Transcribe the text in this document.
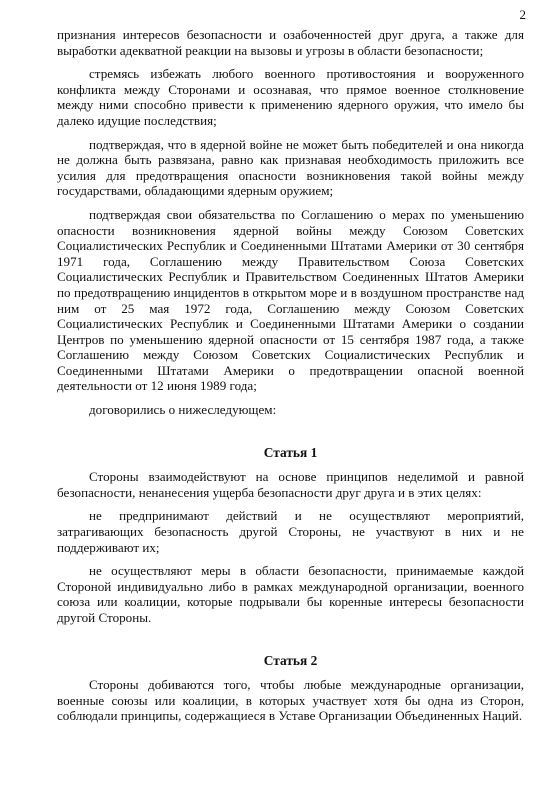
2

признания интересов безопасности и озабоченностей друг друга, а также для выработки адекватной реакции на вызовы и угрозы в области безопасности;

стремясь избежать любого военного противостояния и вооруженного конфликта между Сторонами и осознавая, что прямое военное столкновение между ними способно привести к применению ядерного оружия, что имело бы далеко идущие последствия;

подтверждая, что в ядерной войне не может быть победителей и она никогда не должна быть развязана, равно как признавая необходимость приложить все усилия для предотвращения опасности возникновения такой войны между государствами, обладающими ядерным оружием;

подтверждая свои обязательства по Соглашению о мерах по уменьшению опасности возникновения ядерной войны между Союзом Советских Социалистических Республик и Соединенными Штатами Америки от 30 сентября 1971 года, Соглашению между Правительством Союза Советских Социалистических Республик и Правительством Соединенных Штатов Америки по предотвращению инцидентов в открытом море и в воздушном пространстве над ним от 25 мая 1972 года, Соглашению между Союзом Советских Социалистических Республик и Соединенными Штатами Америки о создании Центров по уменьшению ядерной опасности от 15 сентября 1987 года, а также Соглашению между Союзом Советских Социалистических Республик и Соединенными Штатами Америки о предотвращении опасной военной деятельности от 12 июня 1989 года;

договорились о нижеследующем:

Статья 1

Стороны взаимодействуют на основе принципов неделимой и равной безопасности, ненанесения ущерба безопасности друг друга и в этих целях:

не предпринимают действий и не осуществляют мероприятий, затрагивающих безопасность другой Стороны, не участвуют в них и не поддерживают их;

не осуществляют меры в области безопасности, принимаемые каждой Стороной индивидуально либо в рамках международной организации, военного союза или коалиции, которые подрывали бы коренные интересы безопасности другой Стороны.

Статья 2

Стороны добиваются того, чтобы любые международные организации, военные союзы или коалиции, в которых участвует хотя бы одна из Сторон, соблюдали принципы, содержащиеся в Уставе Организации Объединенных Наций.
